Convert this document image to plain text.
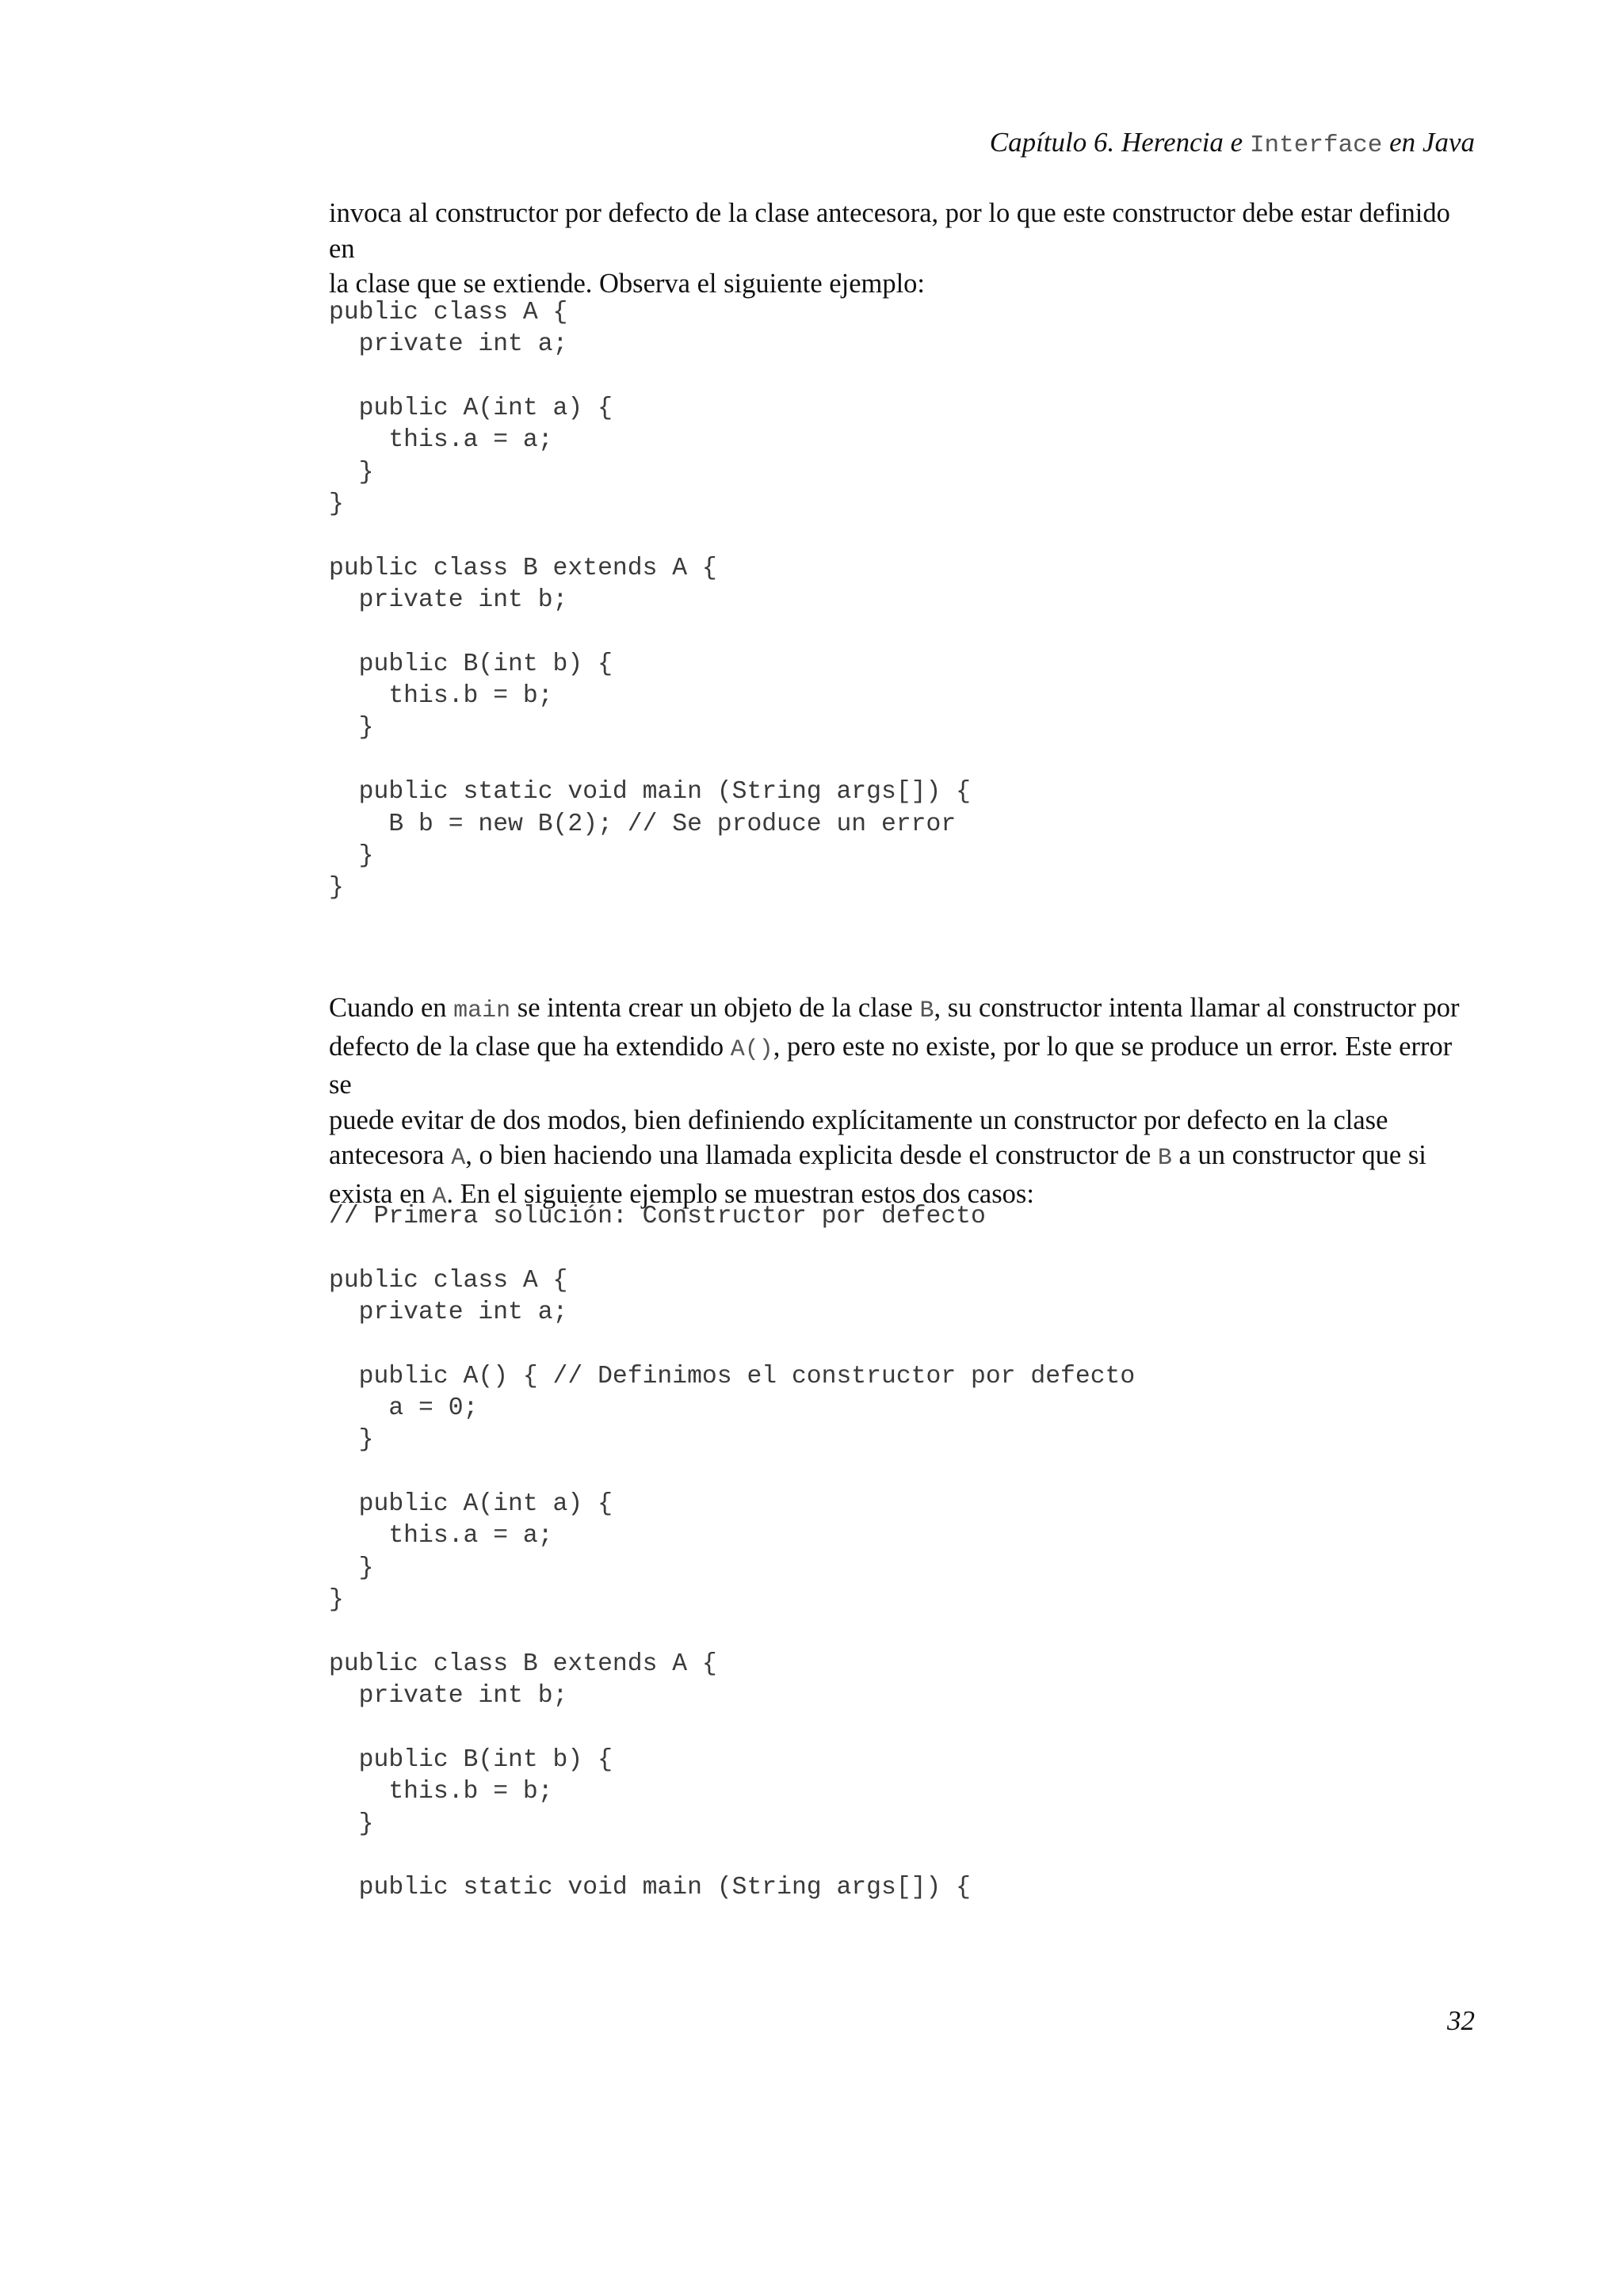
Capítulo 6. Herencia e Interface en Java

invoca al constructor por defecto de la clase antecesora, por lo que este constructor debe estar definido en
la clase que se extiende. Observa el siguiente ejemplo:

public class A {
private int a;
public A(int a) {
this.a = a;
}
}
public class B extends A {
private int b;
public B(int b) {
this.b = b;
}
public static void main (String args[]) {
B b = new B(2); // Se produce un error
}
}

Cuando en main se intenta crear un objeto de la clase B, su constructor intenta llamar al constructor por
defecto de la clase que ha extendido A(), pero este no existe, por lo que se produce un error. Este error se
puede evitar de dos modos, bien definiendo explícitamente un constructor por defecto en la clase
antecesora A, o bien haciendo una llamada explicita desde el constructor de B a un constructor que si
exista en A. En el siguiente ejemplo se muestran estos dos casos:

// Primera solución: Constructor por defecto
public class A {
private int a;
public A() { // Definimos el constructor por defecto
a = 0;
}
public A(int a) {
this.a = a;
}
}
public class B extends A {
private int b;
public B(int b) {
this.b = b;
}
public static void main (String args[]) {
32
